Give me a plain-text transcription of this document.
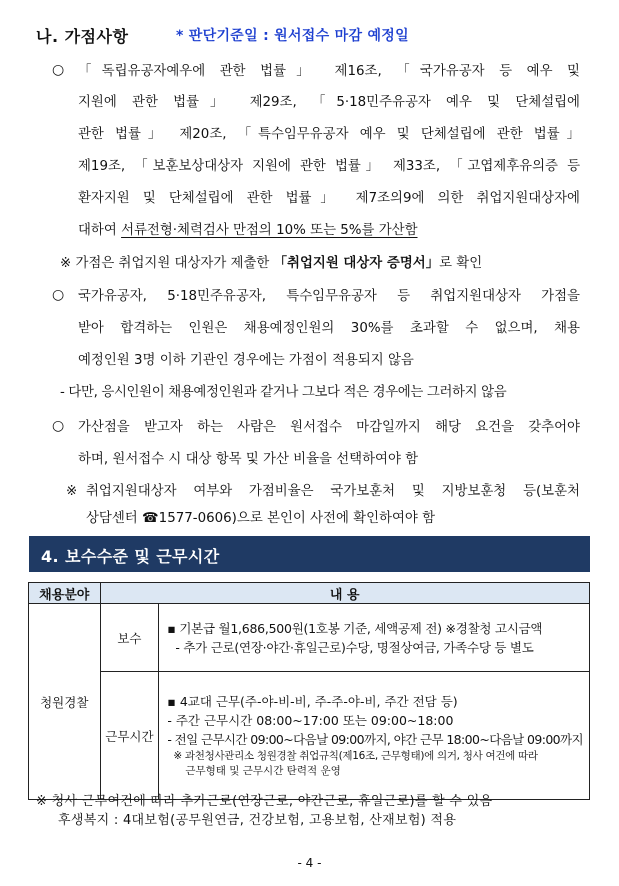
나. 가점사항	* 판단기준일 : 원서접수 마감 예정일
○ 「독립유공자예우에 관한 법률」 제16조, 「국가유공자 등 예우 및
지원에 관한 법률」 제29조, 「5·18민주유공자 예우 및 단체설립에
관한 법률」 제20조, 「특수임무유공자 예우 및 단체설립에 관한 법률」
제19조, 「보훈보상대상자 지원에 관한 법률」 제33조, 「고엽제후유의증 등
환자지원 및 단체설립에 관한 법률」 제7조의9에 의한 취업지원대상자에
대하여 서류전형·체력검사 만점의 10% 또는 5%를 가산함
※ 가점은 취업지원 대상자가 제출한 「취업지원 대상자 증명서」로 확인
○ 국가유공자, 5·18민주유공자, 특수임무유공자 등 취업지원대상자 가점을
받아 합격하는 인원은 채용예정인원의 30%를 초과할 수 없으며, 채용
예정인원 3명 이하 기관인 경우에는 가점이 적용되지 않음
- 다만, 응시인원이 채용예정인원과 같거나 그보다 적은 경우에는 그러하지 않음
○ 가산점을 받고자 하는 사람은 원서접수 마감일까지 해당 요건을 갖추어야
하며, 원서접수 시 대상 항목 및 가산 비율을 선택하여야 함
※ 취업지원대상자 여부와 가점비율은 국가보훈처 및 지방보훈청 등(보훈처
상담센터 ☎1577-0606)으로 본인이 사전에 확인하여야 함
4. 보수수준 및 근무시간
채용분야	내 용	
청원경찰	보수	▪ 기본급 월1,686,500원(1호봉 기준, 세액공제 전) ※경찰청 고시금액
- 추가 근로(연장·야간·휴일근로)수당, 명절상여금, 가족수당 등 별도

	근무시간	▪ 4교대 근무(주-야-비-비, 주-주-야-비, 주간 전담 등)
- 주간 근무시간 08:00~17:00 또는 09:00~18:00
- 전일 근무시간 09:00~다음날 09:00까지, 야간 근무 18:00~다음날 09:00까지
※ 과천청사관리소 청원경찰 취업규칙(제16조, 근무형태)에 의거, 청사 여건에 따라
근무형태 및 근무시간 탄력적 운영
※ 청사 근무여건에 따라 추가근로(연장근로, 야간근로, 휴일근로)를 할 수 있음
후생복지 : 4대보험(공무원연금, 건강보험, 고용보험, 산재보험) 적용
- 4 -
